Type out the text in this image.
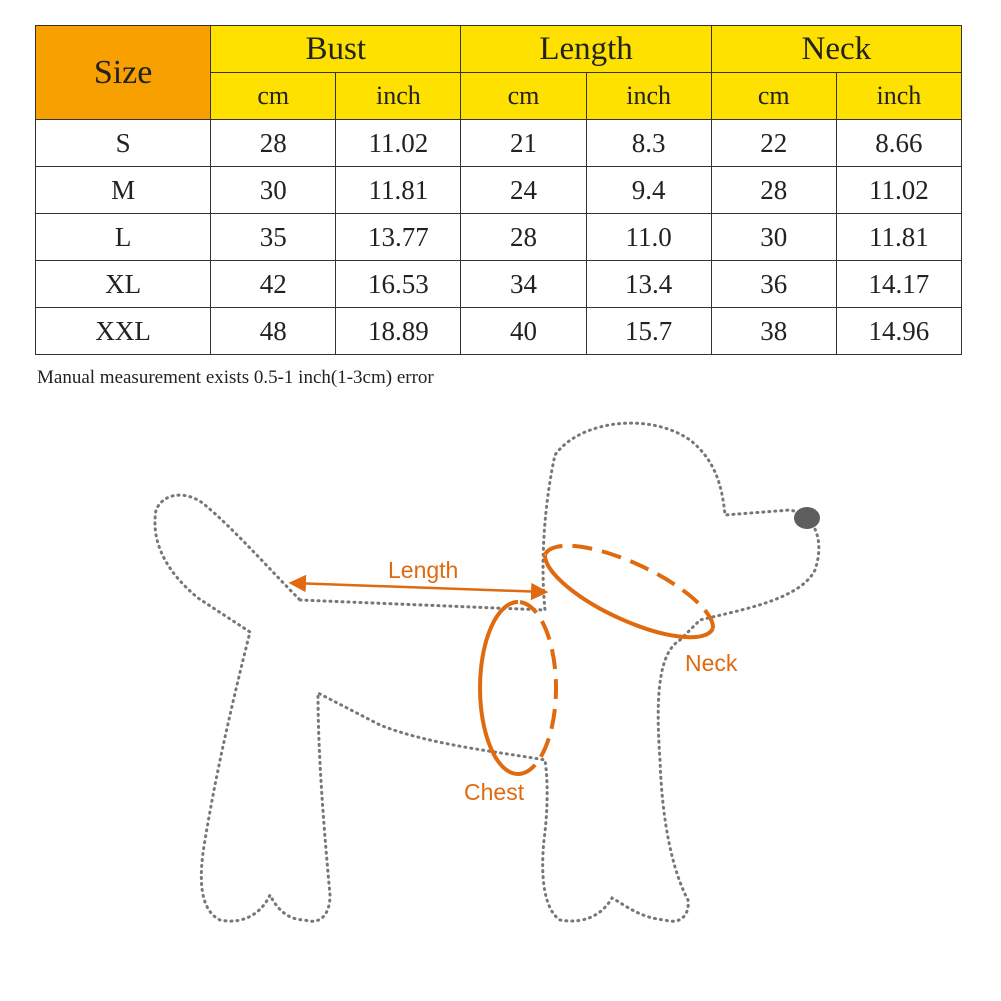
Size	Bust		Length		Neck	
	cm	inch	cm	inch	cm	inch
S	28	11.02	21	8.3	22	8.66
M	30	11.81	24	9.4	28	11.02
L	35	13.77	28	11.0	30	11.81
XL	42	16.53	34	13.4	36	14.17
XXL	48	18.89	40	15.7	38	14.96
Manual measurement exists 0.5-1 inch(1-3cm) error
Length
Neck
Chest
